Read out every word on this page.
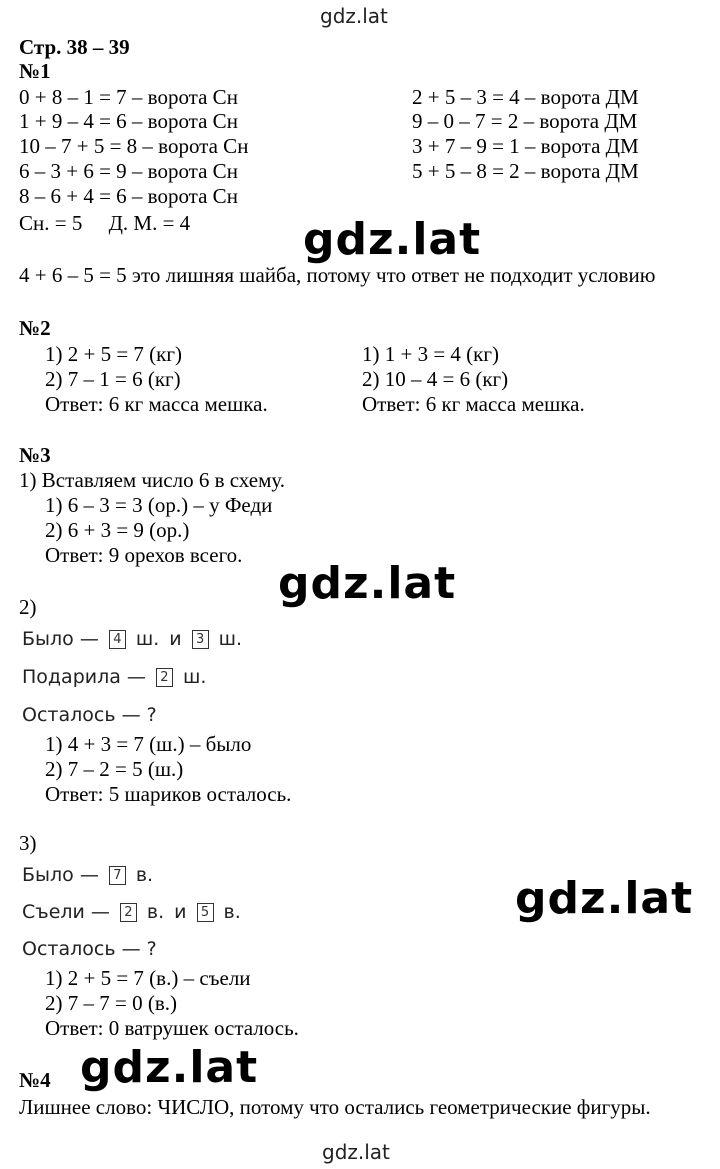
gdz.lat
gdz.lat
Стр. 38 – 39
№1
0 + 8 – 1 = 7 – ворота Сн
1 + 9 – 4 = 6 – ворота Сн
10 – 7 + 5 = 8 – ворота Сн
6 – 3 + 6 = 9 – ворота Сн
8 – 6 + 4 = 6 – ворота Сн
2 + 5 – 3 = 4 – ворота ДМ
9 – 0 – 7 = 2 – ворота ДМ
3 + 7 – 9 = 1 – ворота ДМ
5 + 5 – 8 = 2 – ворота ДМ
Сн. = 5     Д. М. = 4	gdz.lat
4 + 6 – 5 = 5 это лишняя шайба, потому что ответ не подходит условию
№2
1) 2 + 5 = 7 (кг)
2) 7 – 1 = 6 (кг)
Ответ: 6 кг масса мешка.
1) 1 + 3 = 4 (кг)
2) 10 – 4 = 6 (кг)
Ответ: 6 кг масса мешка.
№3
1) Вставляем число 6 в схему.
1) 6 – 3 = 3 (ор.) – у Феди
2) 6 + 3 = 9 (ор.)
Ответ: 9 орехов всего.
gdz.lat
2)
Было —	4 ш. и	3 ш.
Подарила —	2 ш.
Осталось — ?
1) 4 + 3 = 7 (ш.) – было
2) 7 – 2 = 5 (ш.)
Ответ: 5 шариков осталось.
3)
Было —	7 в.	gdz.lat
Съели —	2 в. и	5 в.
Осталось — ?
1) 2 + 5 = 7 (в.) – съели
2) 7 – 7 = 0 (в.)
Ответ: 0 ватрушек осталось.
№4 gdz.lat
Лишнее слово: ЧИСЛО, потому что остались геометрические фигуры.
